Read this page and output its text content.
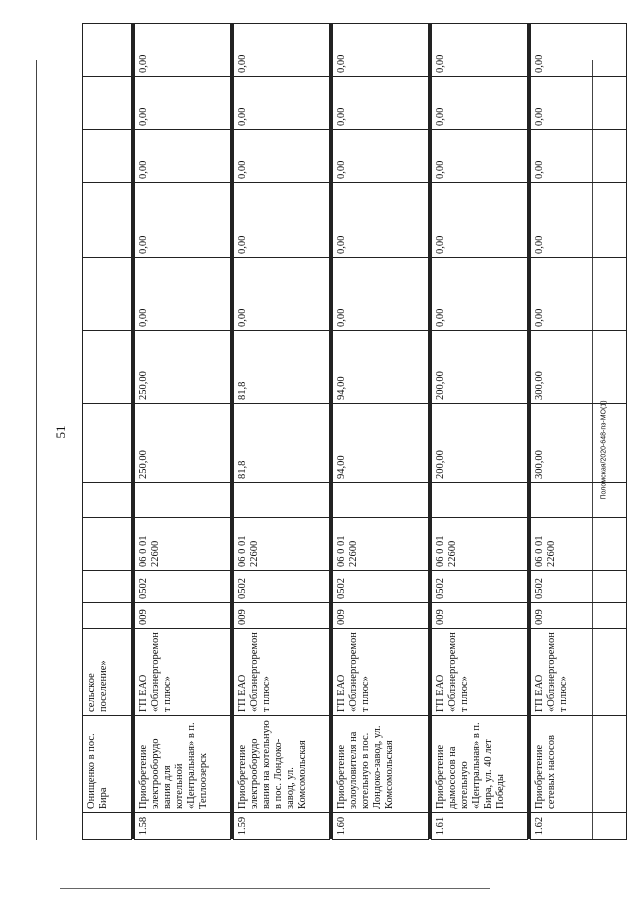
51	Поломская/2020-648-пз-МО(1)
	Онищенко в пос. Бира	сельское поселение»											

1.58	Приобретение электрооборудо вания для котельной «Центральная» в п. Теплоозерск	ГП ЕАО «Облэнергоремон т плюс»	009	0502	06 0 01 22600		250,00	250,00	0,00	0,00	0,00	0,00	0,00

1.59	Приобретение электрооборудо вания на котельную в пос. Лондоко-завод, ул. Комсомольская	ГП ЕАО «Облэнергоремон т плюс»	009	0502	06 0 01 22600		81,8	81,8	0,00	0,00	0,00	0,00	0,00

1.60	Приобретение золоуловителя на котельную в пос. Лондоко-завод, ул. Комсомольская	ГП ЕАО «Облэнергоремон т плюс»	009	0502	06 0 01 22600		94,00	94,00	0,00	0,00	0,00	0,00	0,00

1.61	Приобретение дымососов на котельную «Центральная» в п. Бира, ул. 40 лет Победы	ГП ЕАО «Облэнергоремон т плюс»	009	0502	06 0 01 22600		200,00	200,00	0,00	0,00	0,00	0,00	0,00

1.62	Приобретение сетевых насосов	ГП ЕАО «Облэнергоремон т плюс»	009	0502	06 0 01 22600		300,00	300,00	0,00	0,00	0,00	0,00	0,00
